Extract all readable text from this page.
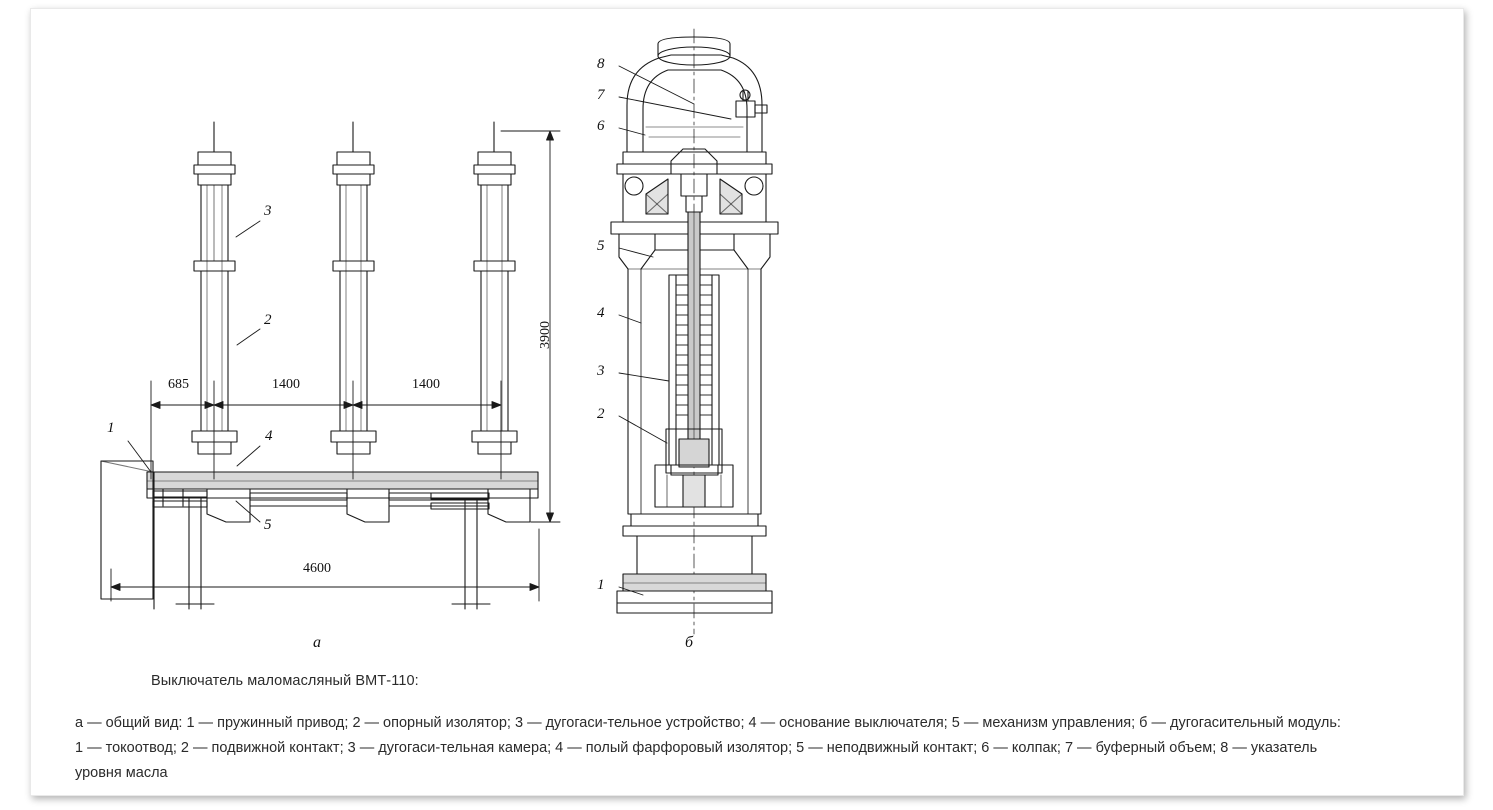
1
2
3
4
5
685	1400	1400
4600
3900
8
7
6
5
4
3
2
1
а	б
Выключатель маломасляный ВМТ-110:
а — общий вид: 1 — пружинный привод; 2 — опорный изолятор; 3 — дугогаси-тельное устройство; 4 — основание выключателя; 5 — механизм управления; б — дугогасительный модуль:
1 — токоотвод; 2 — подвижной контакт; 3 — дугогаси-тельная камера; 4 — полый фарфоровый изолятор; 5 — неподвижный контакт; 6 — колпак; 7 — буферный объем; 8 — указатель
уровня масла
